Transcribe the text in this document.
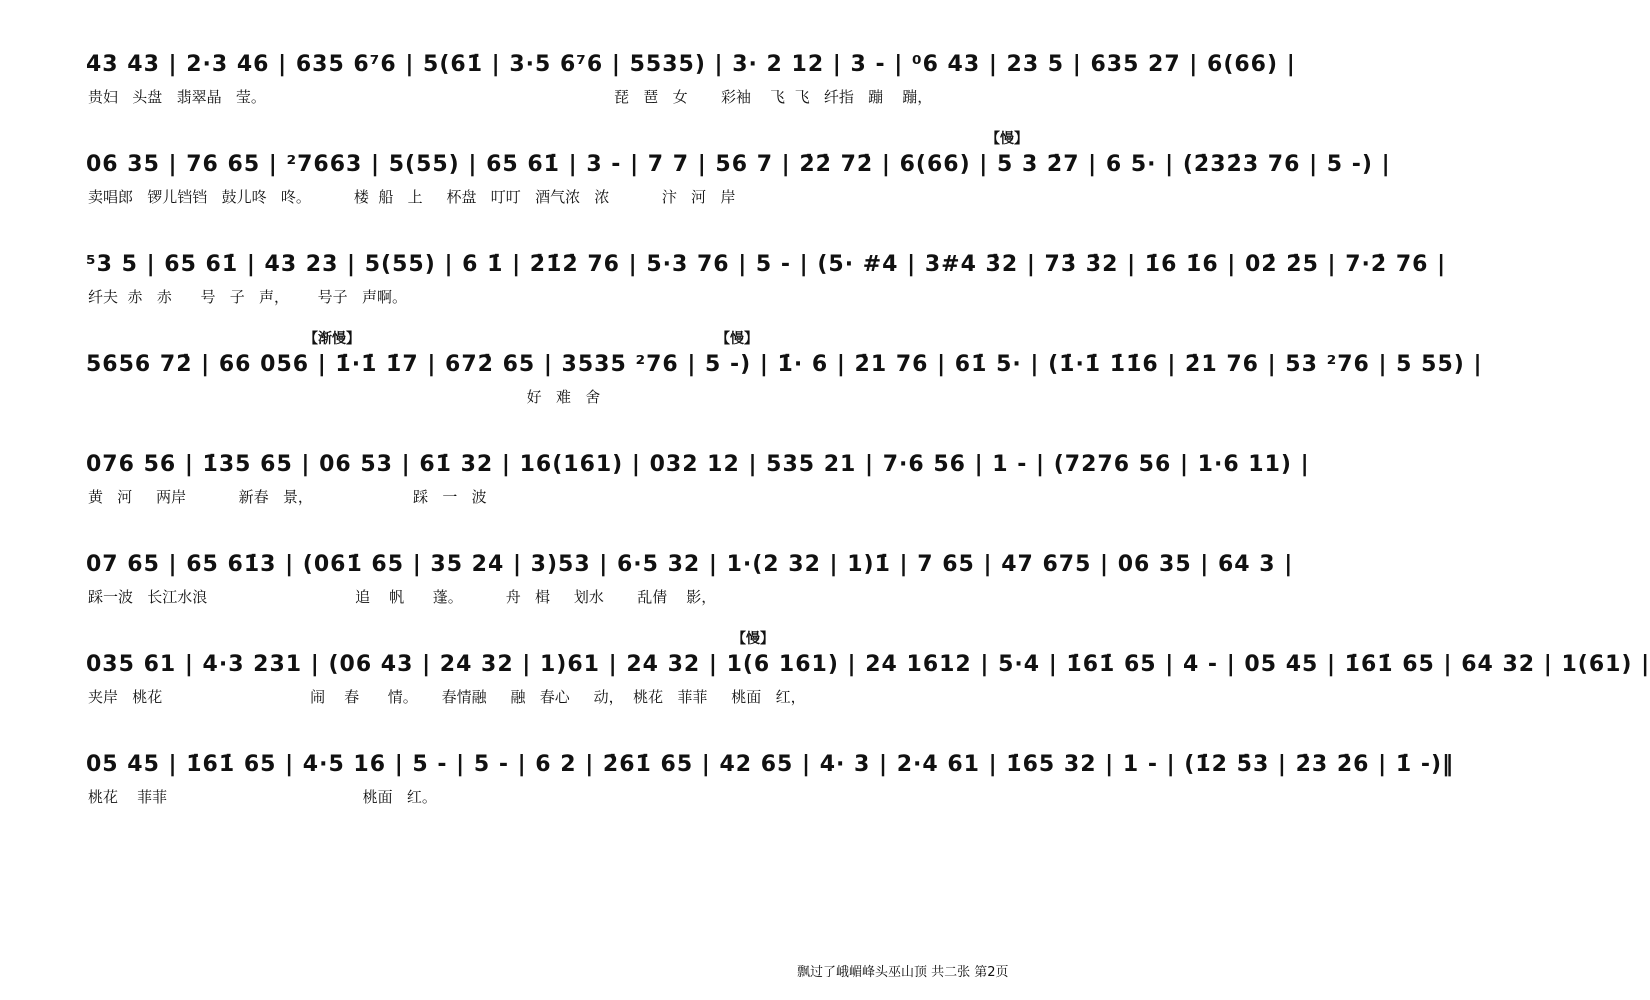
43 43 | 2·3 46 | 635 6⁷6 | 5(61̇ | 3·5 6⁷6 | 5535) | 3· 2 12 | 3 - | ⁰6 43 | 23 5 | 635 27 | 6(66) |
贵妇   头盘   翡翠晶   莹。                                                                         琵   琶   女       彩袖    飞  飞   纤指   蹦    蹦，
【慢】
06 35 | 76 65 | ²7663 | 5(55) | 65 61̇ | 3 - | 7 7 | 56 7 | 2̇2̇ 72̇ | 6(66) | 5 3 2̇7 | 6 5· | (2̇32̇3 76 | 5 -) |
卖唱郎   锣儿铛铛   鼓儿咚   咚。         楼  船   上     杯盘   叮叮   酒气浓   浓           汴   河   岸
⁵3 5 | 65 61̇ | 43 23 | 5(55) | 6 1̇ | 2̇1̇2̇ 76 | 5·3 76 | 5 - | (5· #4 | 3#4 3̇2 | 73̇ 3̇2 | 1̇6 1̇6 | 02̇ 2̇5 | 7·2̇ 76 |
纤夫  赤   赤      号   子   声，      号子   声啊。
【渐慢】	【慢】
5656 72̇ | 66 056 | 1̇·1̇ 1̇7 | 672̇ 65 | 3535 ²76 | 5 -) | 1̇· 6 | 2̇1 76 | 61̇ 5· | (1̇·1̇ 1̇1̇6 | 2̇1 76 | 53 ²76 | 5 55) |
好   难   舍
076 56 | 1̇35 65 | 06 53 | 61̇ 32 | 16(161) | 032 12 | 535 21 | 7·6 56 | 1 - | (7276 56 | 1·6 11) |
黄   河     两岸           新春   景，                     踩   一   波
07 65 | 65 61̇3 | (061̇ 65 | 35 24 | 3)53 | 6·5 32 | 1·(2 32 | 1)1̇ | 7 65 | 47 675 | 06 35 | 64 3 |
踩一波   长江水浪                               追    帆      蓬。         舟   楫     划水       乱倩    影，
【慢】
035 61 | 4·3 231 | (06 43 | 24 32 | 1)61 | 24 32 | 1(6 161) | 24 1612 | 5·4 | 1̇61̇ 65 | 4 - | 05 45 | 1̇61̇ 65 | 64 32 | 1(61) |
夹岸   桃花                               闹    春      情。     春情融     融   春心     动，  桃花   菲菲     桃面   红，
05 45 | 1̇61̇ 65 | 4·5 16 | 5 - | 5 - | 6 2 | 2̇61̇ 65 | 42 65 | 4· 3 | 2·4 61 | 1̇65 32 | 1 - | (1̇2 5̇3 | 2̇3 2̇6 | 1̇ -)‖
桃花    菲菲                                         桃面   红。
飘过了峨嵋峰头巫山顶 共二张 第2页
